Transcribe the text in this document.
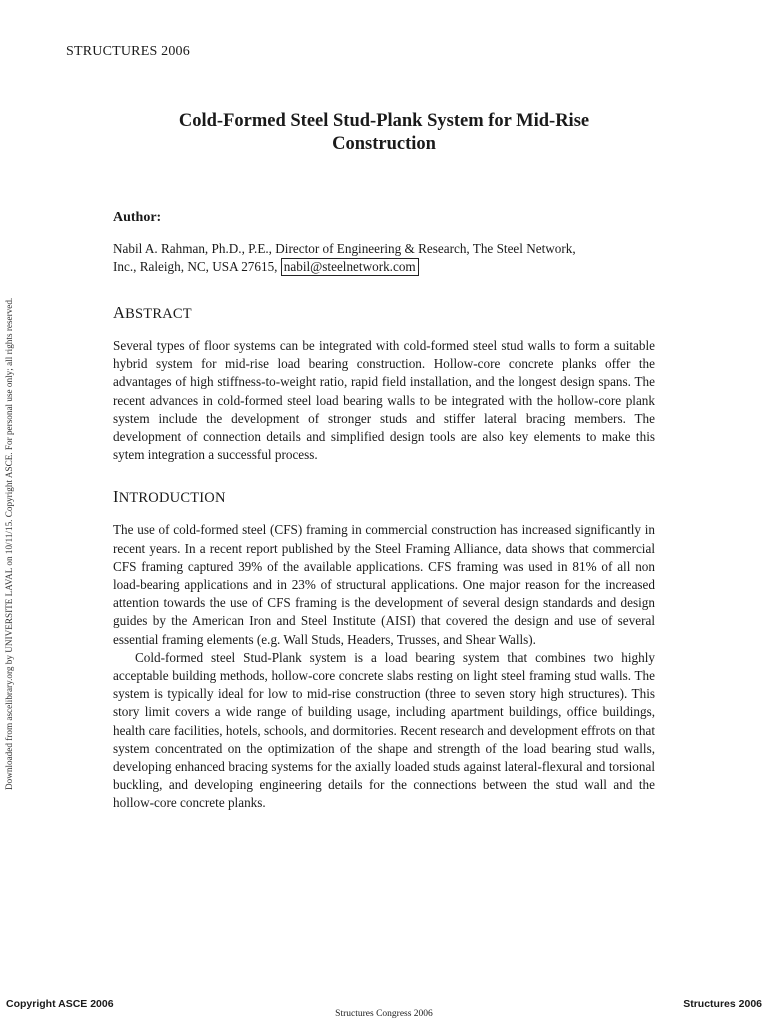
STRUCTURES 2006
Cold-Formed Steel Stud-Plank System for Mid-Rise
Construction
Downloaded from ascelibrary.org by UNIVERSITE LAVAL on 10/11/15. Copyright ASCE. For personal use only; all rights reserved.
Author:
Nabil A. Rahman, Ph.D., P.E., Director of Engineering & Research, The Steel Network,
Inc., Raleigh, NC, USA 27615, nabil@steelnetwork.com
ABSTRACT

Several types of floor systems can be integrated with cold-formed steel stud walls to form a suitable hybrid system for mid-rise load bearing construction. Hollow-core concrete planks offer the advantages of high stiffness-to-weight ratio, rapid field installation, and the longest design spans. The recent advances in cold-formed steel load bearing walls to be integrated with the hollow-core plank system include the development of stronger studs and stiffer lateral bracing members. The development of connection details and simplified design tools are also key elements to make this sytem integration a successful process.

INTRODUCTION

The use of cold-formed steel (CFS) framing in commercial construction has increased significantly in recent years. In a recent report published by the Steel Framing Alliance, data shows that commercial CFS framing captured 39% of the available applications. CFS framing was used in 81% of all non load-bearing applications and in 23% of structural applications. One major reason for the increased attention towards the use of CFS framing is the development of several design standards and design guides by the American Iron and Steel Institute (AISI) that covered the design and use of several essential framing elements (e.g. Wall Studs, Headers, Trusses, and Shear Walls).

Cold-formed steel Stud-Plank system is a load bearing system that combines two highly acceptable building methods, hollow-core concrete slabs resting on light steel framing stud walls. The system is typically ideal for low to mid-rise construction (three to seven story high structures). This story limit covers a wide range of building usage, including apartment buildings, office buildings, health care facilities, hotels, schools, and dormitories. Recent research and development effrots on that system concentrated on the optimization of the shape and strength of the load bearing stud walls, developing enhanced bracing systems for the axially loaded studs against lateral-flexural and torsional buckling, and developing engineering details for the connections between the stud wall and the hollow-core concrete planks.

Copyright ASCE 2006
Structures Congress 2006
Structures 2006
